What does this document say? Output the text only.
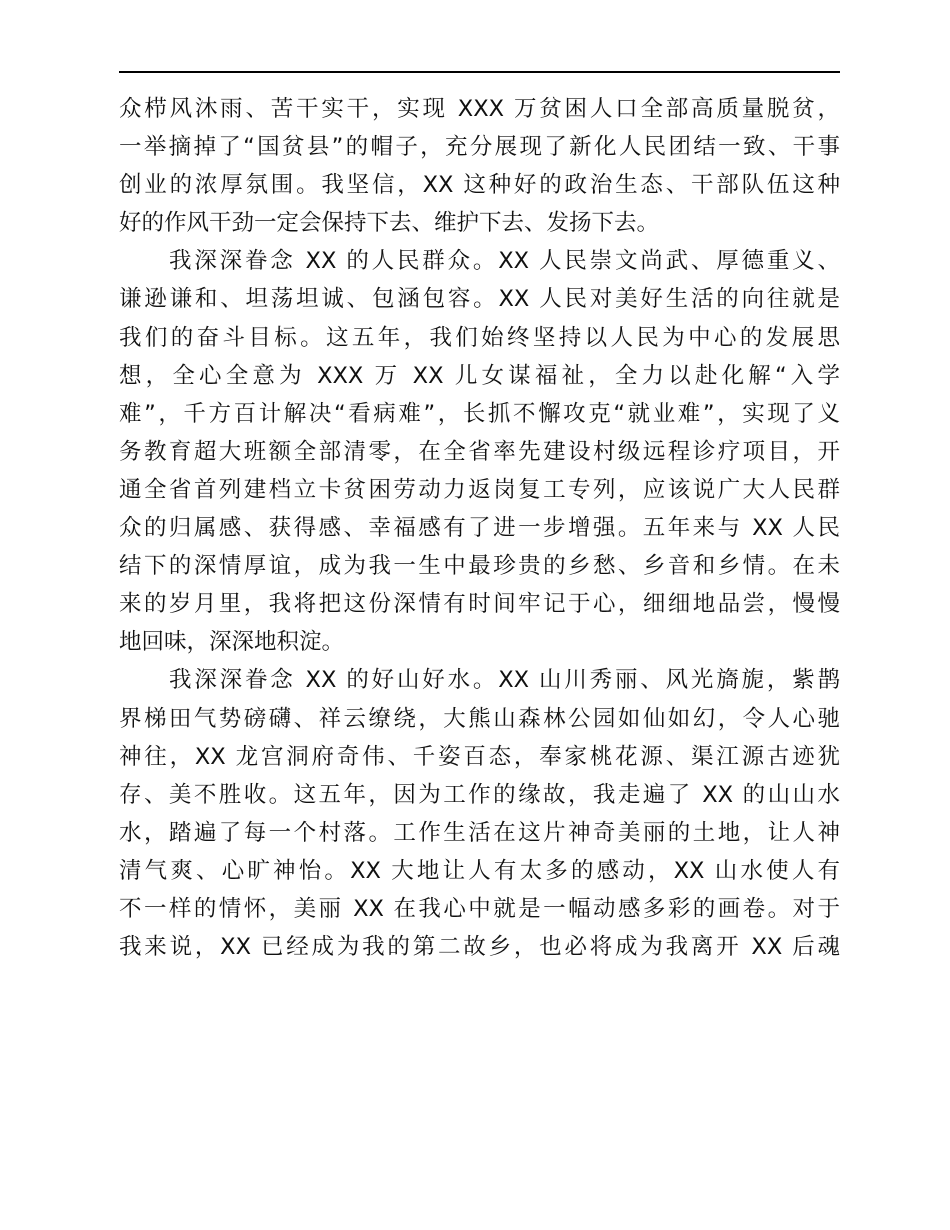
众栉风沐雨、苦干实干，实现 XXX 万贫困人口全部高质量脱贫，
一举摘掉了“国贫县”的帽子，充分展现了新化人民团结一致、干事
创业的浓厚氛围。我坚信，XX 这种好的政治生态、干部队伍这种
好的作风干劲一定会保持下去、维护下去、发扬下去。
我深深眷念 XX 的人民群众。XX 人民崇文尚武、厚德重义、
谦逊谦和、坦荡坦诚、包涵包容。XX 人民对美好生活的向往就是
我们的奋斗目标。这五年，我们始终坚持以人民为中心的发展思
想，全心全意为 XXX 万 XX 儿女谋福祉，全力以赴化解“入学
难”，千方百计解决“看病难”，长抓不懈攻克“就业难”，实现了义
务教育超大班额全部清零，在全省率先建设村级远程诊疗项目，开
通全省首列建档立卡贫困劳动力返岗复工专列，应该说广大人民群
众的归属感、获得感、幸福感有了进一步增强。五年来与 XX 人民
结下的深情厚谊，成为我一生中最珍贵的乡愁、乡音和乡情。在未
来的岁月里，我将把这份深情有时间牢记于心，细细地品尝，慢慢
地回味，深深地积淀。
我深深眷念 XX 的好山好水。XX 山川秀丽、风光旖旎，紫鹊
界梯田气势磅礴、祥云缭绕，大熊山森林公园如仙如幻，令人心驰
神往，XX 龙宫洞府奇伟、千姿百态，奉家桃花源、渠江源古迹犹
存、美不胜收。这五年，因为工作的缘故，我走遍了 XX 的山山水
水，踏遍了每一个村落。工作生活在这片神奇美丽的土地，让人神
清气爽、心旷神怡。XX 大地让人有太多的感动，XX 山水使人有
不一样的情怀，美丽 XX 在我心中就是一幅动感多彩的画卷。对于
我来说，XX 已经成为我的第二故乡，也必将成为我离开 XX 后魂
